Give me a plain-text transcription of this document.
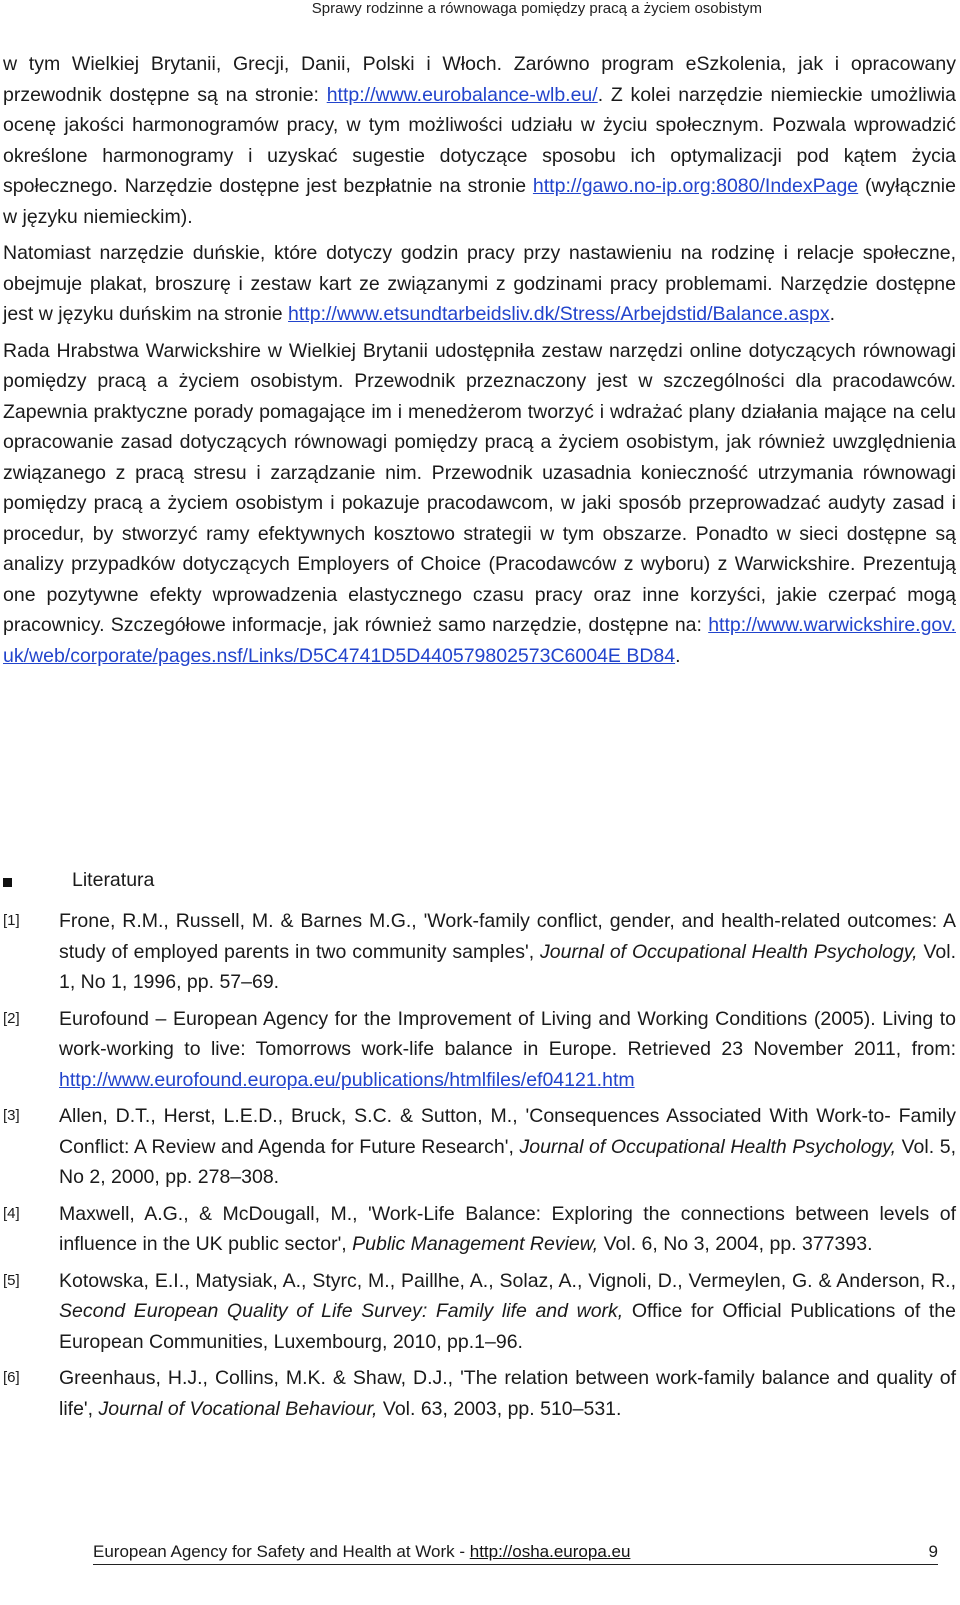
Sprawy rodzinne a równowaga pomiędzy pracą a życiem osobistym

w tym Wielkiej Brytanii, Grecji, Danii, Polski i Włoch. Zarówno program eSzkolenia, jak i opracowany przewodnik dostępne są na stronie: http://www.eurobalance-wlb.eu/. Z kolei narzędzie niemieckie umożliwia ocenę jakości harmonogramów pracy, w tym możliwości udziału w życiu społecznym. Pozwala wprowadzić określone harmonogramy i uzyskać sugestie dotyczące sposobu ich optymalizacji pod kątem życia społecznego. Narzędzie dostępne jest bezpłatnie na stronie http://gawo.no-ip.org:8080/IndexPage (wyłącznie w języku niemieckim).

Natomiast narzędzie duńskie, które dotyczy godzin pracy przy nastawieniu na rodzinę i relacje społeczne, obejmuje plakat, broszurę i zestaw kart ze związanymi z godzinami pracy problemami. Narzędzie dostępne jest w języku duńskim na stronie http://www.etsundtarbeidsliv.dk/Stress/Arbejdstid/Balance.aspx.

Rada Hrabstwa Warwickshire w Wielkiej Brytanii udostępniła zestaw narzędzi online dotyczących równowagi pomiędzy pracą a życiem osobistym. Przewodnik przeznaczony jest w szczególności dla pracodawców. Zapewnia praktyczne porady pomagające im i menedżerom tworzyć i wdrażać plany działania mające na celu opracowanie zasad dotyczących równowagi pomiędzy pracą a życiem osobistym, jak również uwzględnienia związanego z pracą stresu i zarządzanie nim. Przewodnik uzasadnia konieczność utrzymania równowagi pomiędzy pracą a życiem osobistym i pokazuje pracodawcom, w jaki sposób przeprowadzać audyty zasad i procedur, by stworzyć ramy efektywnych kosztowo strategii w tym obszarze. Ponadto w sieci dostępne są analizy przypadków dotyczących Employers of Choice (Pracodawców z wyboru) z Warwickshire. Prezentują one pozytywne efekty wprowadzenia elastycznego czasu pracy oraz inne korzyści, jakie czerpać mogą pracownicy. Szczegółowe informacje, jak również samo narzędzie, dostępne na: http://www.warwickshire.gov.uk/web/corporate/pages.nsf/Links/D5C4741D5D440579802573C6004E BD84.

Literatura
[1]	Frone, R.M., Russell, M. & Barnes M.G., 'Work-family conflict, gender, and health-related outcomes: A study of employed parents in two community samples', Journal of Occupational Health Psychology, Vol. 1, No 1, 1996, pp. 57–69.
[2]	Eurofound – European Agency for the Improvement of Living and Working Conditions (2005). Living to work-working to live: Tomorrows work-life balance in Europe. Retrieved 23 November 2011, from: http://www.eurofound.europa.eu/publications/htmlfiles/ef04121.htm
[3]	Allen, D.T., Herst, L.E.D., Bruck, S.C. & Sutton, M., 'Consequences Associated With Work-to- Family Conflict: A Review and Agenda for Future Research', Journal of Occupational Health Psychology, Vol. 5, No 2, 2000, pp. 278–308.
[4]	Maxwell, A.G., & McDougall, M., 'Work-Life Balance: Exploring the connections between levels of influence in the UK public sector', Public Management Review, Vol. 6, No 3, 2004, pp. 377393.
[5]	Kotowska, E.I., Matysiak, A., Styrc, M., Paillhe, A., Solaz, A., Vignoli, D., Vermeylen, G. & Anderson, R., Second European Quality of Life Survey: Family life and work, Office for Official Publications of the European Communities, Luxembourg, 2010, pp.1–96.
[6]	Greenhaus, H.J., Collins, M.K. & Shaw, D.J., 'The relation between work-family balance and quality of life', Journal of Vocational Behaviour, Vol. 63, 2003, pp. 510–531.
European Agency for Safety and Health at Work - http://osha.europa.eu	9
